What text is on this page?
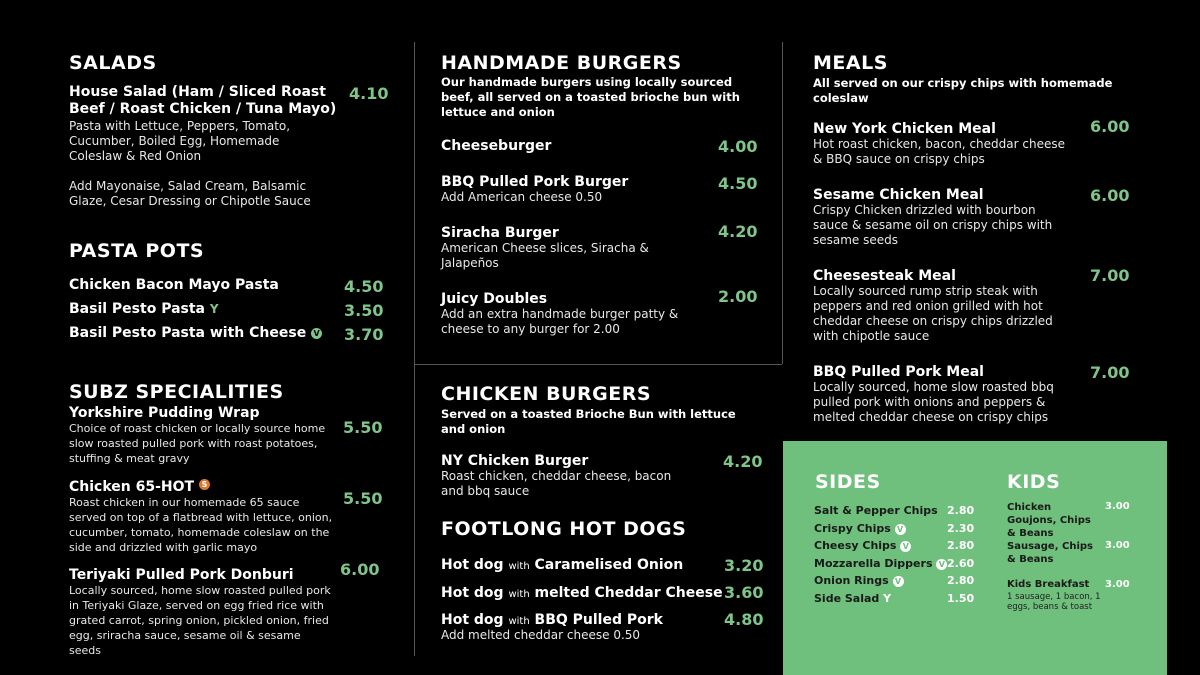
SALADS
House Salad (Ham / Sliced Roast Beef / Roast Chicken / Tuna Mayo)
4.10
Pasta with Lettuce, Peppers, Tomato, Cucumber, Boiled Egg, Homemade Coleslaw & Red Onion
Add Mayonaise, Salad Cream, Balsamic Glaze, Cesar Dressing or Chipotle Sauce
PASTA POTS
Chicken Bacon Mayo Pasta	4.50
Basil Pesto Pasta Y	3.50
Basil Pesto Pasta with Cheese V 3.70
SUBZ SPECIALITIES
Yorkshire Pudding Wrap
5.50
Choice of roast chicken or locally source home slow roasted pulled pork with roast potatoes, stuffing & meat gravy
Chicken 65-HOT S
5.50
Roast chicken in our homemade 65 sauce served on top of a flatbread with lettuce, onion, cucumber, tomato, homemade coleslaw on the side and drizzled with garlic mayo
Teriyaki Pulled Pork Donburi	6.00
Locally sourced, home slow roasted pulled pork in Teriyaki Glaze, served on egg fried rice with grated carrot, spring onion, pickled onion, fried egg, sriracha sauce, sesame oil & sesame seeds
HANDMADE BURGERS
Our handmade burgers using locally sourced beef, all served on a toasted brioche bun with lettuce and onion
Cheeseburger	4.00
BBQ Pulled Pork Burger	4.50
Add American cheese 0.50
Siracha Burger	4.20
American Cheese slices, Siracha & Jalapeños
Juicy Doubles	2.00
Add an extra handmade burger patty & cheese to any burger for 2.00
CHICKEN BURGERS
Served on a toasted Brioche Bun with lettuce and onion
NY Chicken Burger	4.20
Roast chicken, cheddar cheese, bacon and bbq sauce
FOOTLONG HOT DOGS
Hot dog with Caramelised Onion	3.20
Hot dog with melted Cheddar Cheese 3.60
Hot dog with BBQ Pulled Pork	4.80
Add melted cheddar cheese 0.50
MEALS
All served on our crispy chips with homemade coleslaw
New York Chicken Meal	6.00
Hot roast chicken, bacon, cheddar cheese & BBQ sauce on crispy chips
Sesame Chicken Meal	6.00
Crispy Chicken drizzled with bourbon sauce & sesame oil on crispy chips with sesame seeds
Cheesesteak Meal	7.00
Locally sourced rump strip steak with peppers and red onion grilled with hot cheddar cheese on crispy chips drizzled with chipotle sauce
BBQ Pulled Pork Meal	7.00
Locally sourced, home slow roasted bbq pulled pork with onions and peppers & melted cheddar cheese on crispy chips
SIDES
Salt & Pepper Chips 2.80
Crispy Chips V	2.30
Cheesy Chips V	2.80
Mozzarella Dippers V 2.60
Onion Rings V	2.80
Side Salad Y	1.50
KIDS
Chicken Goujons, Chips & Beans
3.00
Sausage, Chips & Beans
3.00
Kids Breakfast 3.00
1 sausage, 1 bacon, 1 eggs, beans & toast
